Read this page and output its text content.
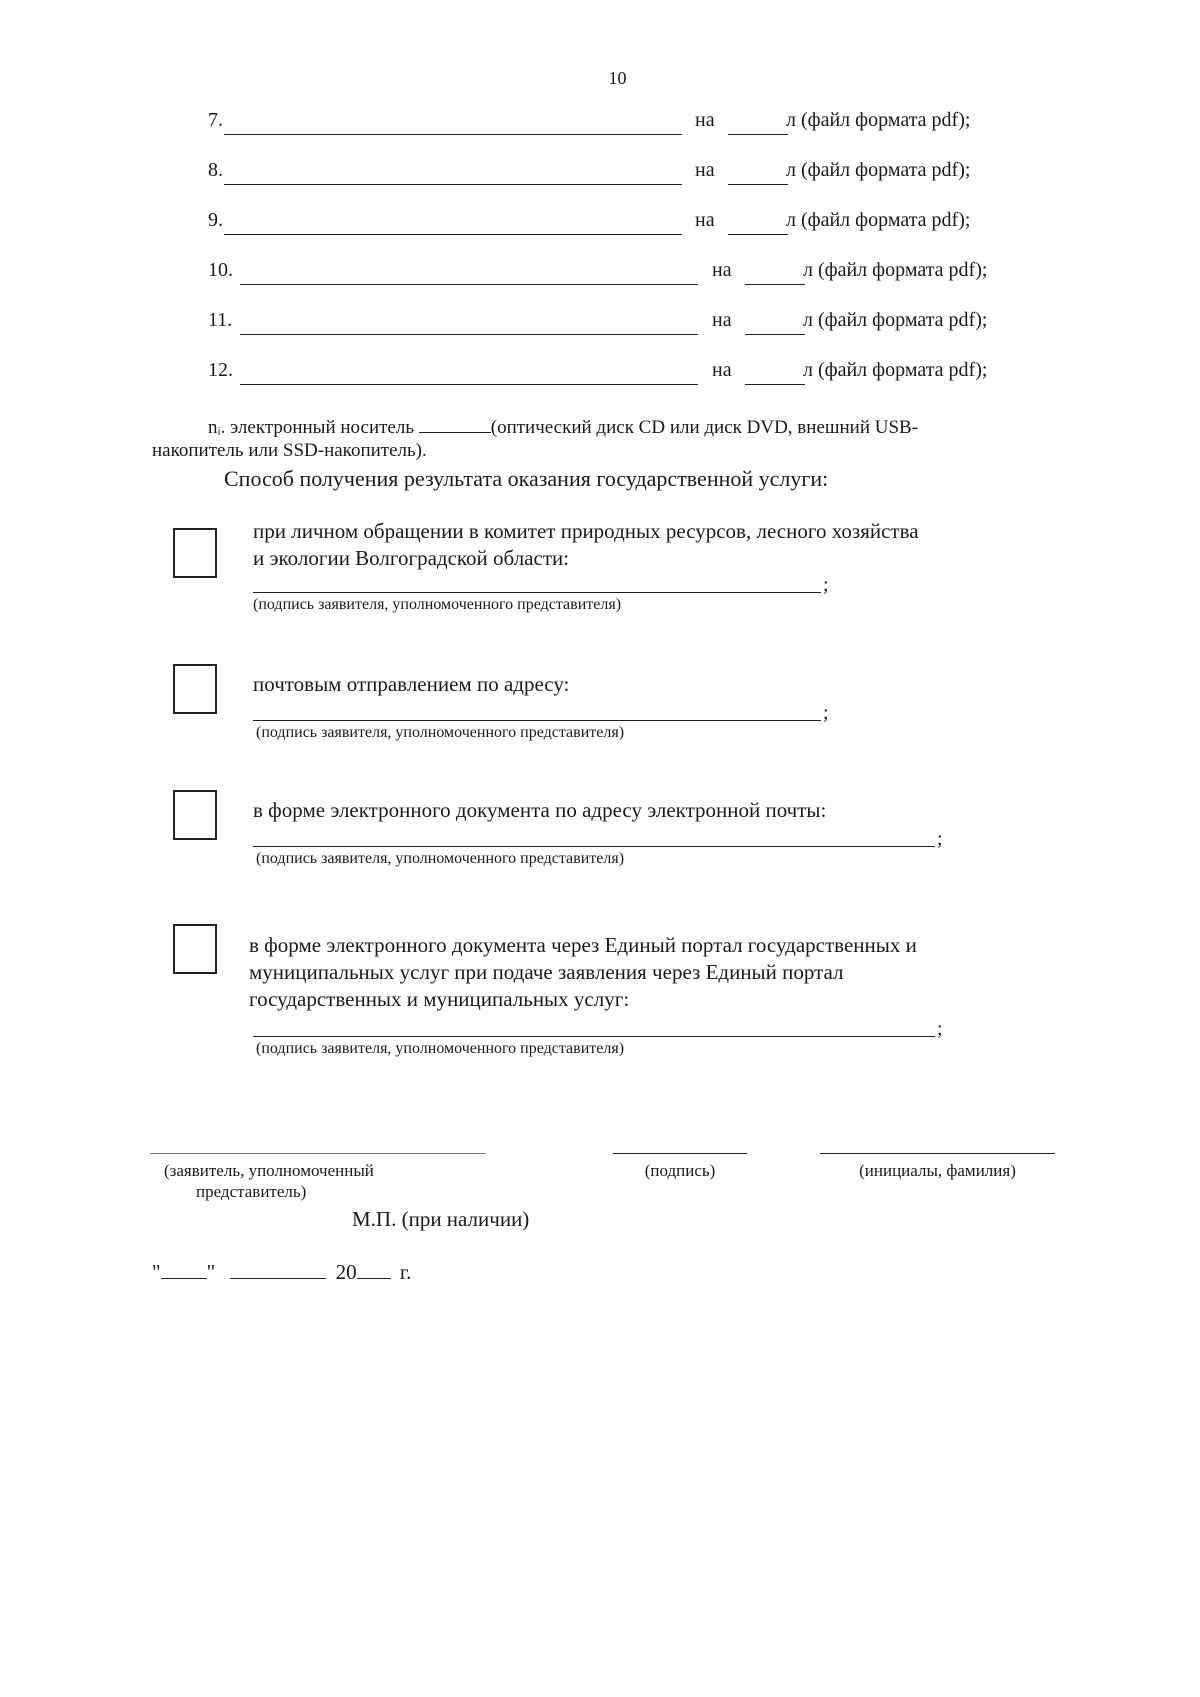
10
7.	на	л (файл формата pdf);
8.	на	л (файл формата pdf);
9.	на	л (файл формата pdf);
10.	на	л (файл формата pdf);
11.	на	л (файл формата pdf);
12.	на	л (файл формата pdf);
nᵢ. электронный носитель	(оптический диск CD или диск DVD, внешний USB-
накопитель или SSD-накопитель).
Способ получения результата оказания государственной услуги:
при личном обращении в комитет природных ресурсов, лесного хозяйства
и экологии Волгоградской области:
;
(подпись заявителя, уполномоченного представителя)
почтовым отправлением по адресу:
;
(подпись заявителя, уполномоченного представителя)
в форме электронного документа по адресу электронной почты:
;
(подпись заявителя, уполномоченного представителя)
в форме электронного документа через Единый портал государственных и
муниципальных услуг при подаче заявления через Единый портал
государственных и муниципальных услуг:
;
(подпись заявителя, уполномоченного представителя)
(заявитель, уполномоченный
представитель)
(подпись)	(инициалы, фамилия)
М.П. (при наличии)
" "	20 г.
